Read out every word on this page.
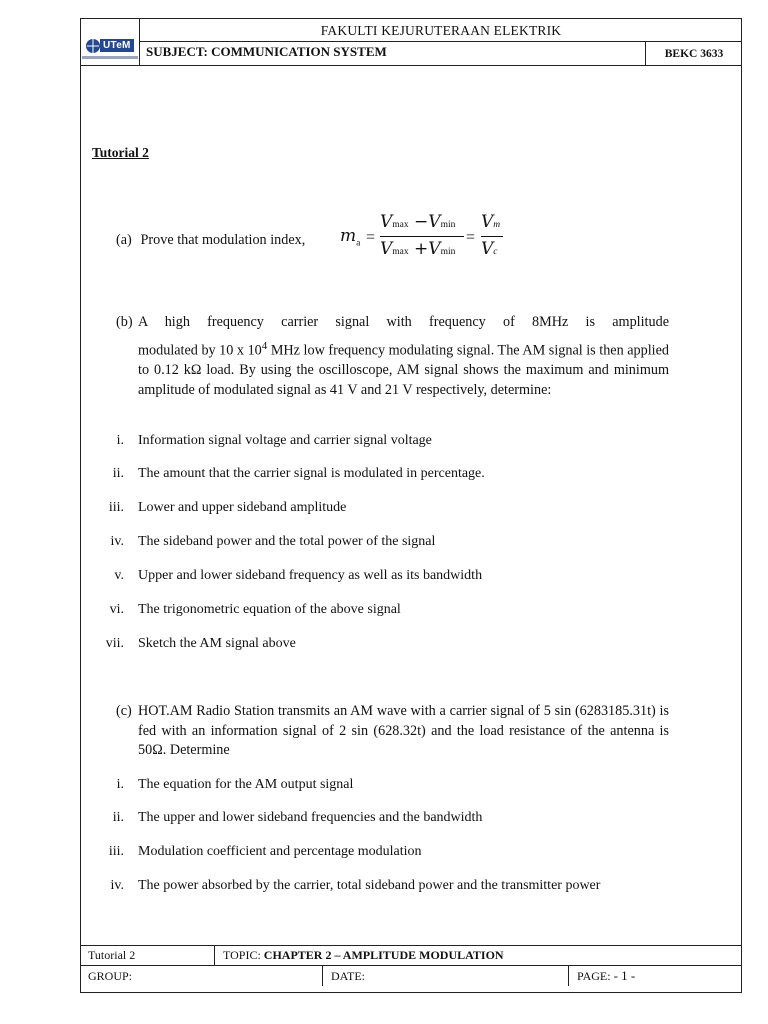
UTeM
FAKULTI KEJURUTERAAN ELEKTRIK
SUBJECT: COMMUNICATION SYSTEM	BEKC 3633
Tutorial 2
(a) Prove that modulation index, $m_a$ =
Vmax −Vmin
Vmax +Vmin
=
Vm
Vc
(b) A high frequency carrier signal with frequency of 8MHz is amplitude
modulated by 10 x $10^4$ MHz low frequency modulating signal. The AM signal is then applied to 0.12 kΩ load. By using the oscilloscope, AM signal shows the maximum and minimum amplitude of modulated signal as 41 V and 21 V respectively, determine:
i. Information signal voltage and carrier signal voltage
ii. The amount that the carrier signal is modulated in percentage.
iii. Lower and upper sideband amplitude
iv. The sideband power and the total power of the signal
v. Upper and lower sideband frequency as well as its bandwidth
vi. The trigonometric equation of the above signal
vii. Sketch the AM signal above
(c) HOT.AM Radio Station transmits an AM wave with a carrier signal of 5 sin (6283185.31t) is fed with an information signal of 2 sin (628.32t) and the load resistance of the antenna is 50Ω. Determine
i. The equation for the AM output signal
ii. The upper and lower sideband frequencies and the bandwidth
iii. Modulation coefficient and percentage modulation
iv. The power absorbed by the carrier, total sideband power and the transmitter power
Tutorial 2	TOPIC: CHAPTER 2 – AMPLITUDE MODULATION
GROUP:	DATE:	PAGE: - 1 -
